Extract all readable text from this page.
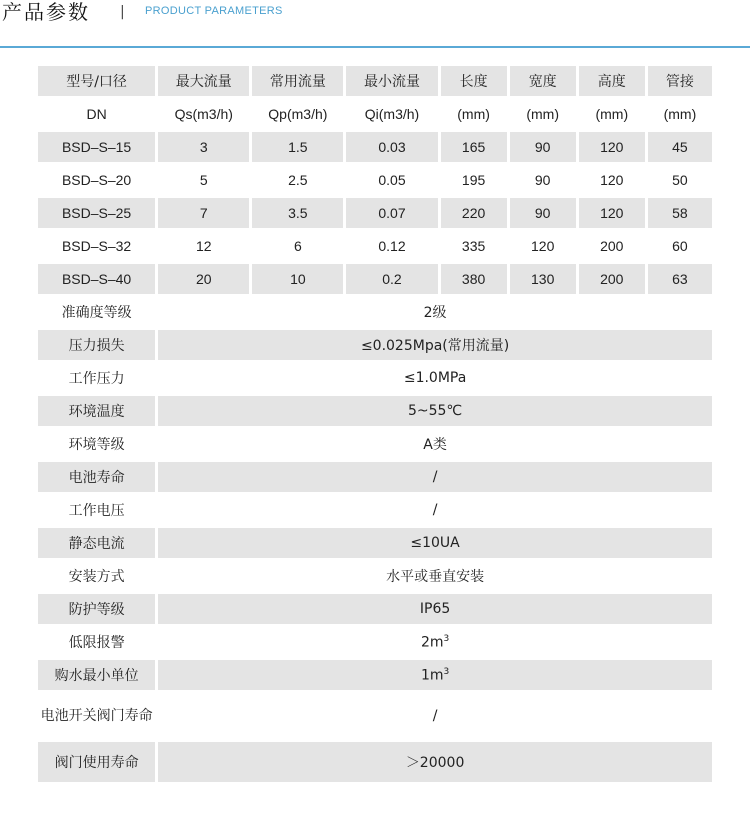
产品参数 | PRODUCT PARAMETERS
型号/口径	最大流量	常用流量	最小流量	长度	宽度	高度	管接
DN	Qs(m3/h)	Qp(m3/h)	Qi(m3/h)	(mm)	(mm)	(mm)	(mm)
BSD–S–15	3	1.5	0.03	165	90	120	45
BSD–S–20	5	2.5	0.05	195	90	120	50
BSD–S–25	7	3.5	0.07	220	90	120	58
BSD–S–32	12	6	0.12	335	120	200	60
BSD–S–40	20	10	0.2	380	130	200	63
准确度等级	2级						
压力损失	≤0.025Mpa(常用流量)						
工作压力	≤1.0MPa						
环境温度	5~55℃						
环境等级	A类						
电池寿命	/						
工作电压	/						
静态电流	≤10UA						
安装方式	水平或垂直安装						
防护等级	IP65						
低限报警	$2m^3$
购水最小单位	$1m^3$
电池开关阀门寿命	/						
阀门使用寿命	＞20000						
